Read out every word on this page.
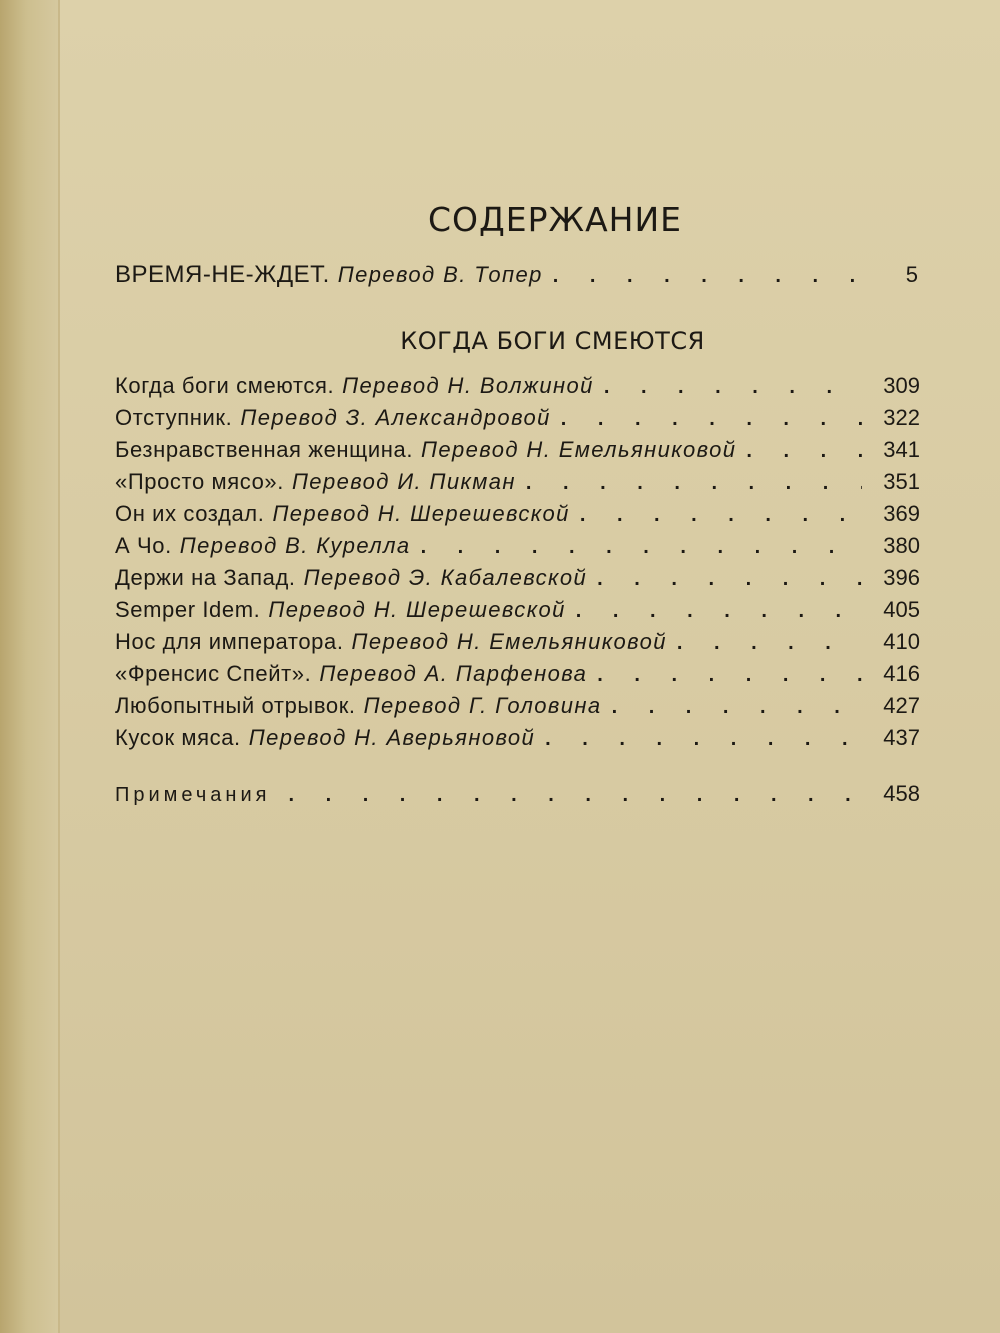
СОДЕРЖАНИЕ
ВРЕМЯ-НЕ-ЖДЕТ. Перевод В. Топер . . .	5
КОГДА БОГИ СМЕЮТСЯ
Когда боги смеются. Перевод Н. Волжиной . . .	309
Отступник. Перевод З. Александровой . . .	322
Безнравственная женщина. Перевод Н. Емельяниковой . . .	341
«Просто мясо». Перевод И. Пикман . . .	351
Он их создал. Перевод Н. Шерешевской . . .	369
А Чо. Перевод В. Курелла . . .	380
Держи на Запад. Перевод Э. Кабалевской . . .	396
Semper Idem. Перевод Н. Шерешевской . . .	405
Нос для императора. Перевод Н. Емельяниковой . . .	410
«Френсис Спейт». Перевод А. Парфенова . . .	416
Любопытный отрывок. Перевод Г. Головина . . .	427
Кусок мяса. Перевод Н. Аверьяновой . . .	437
Примечания . . .	458
